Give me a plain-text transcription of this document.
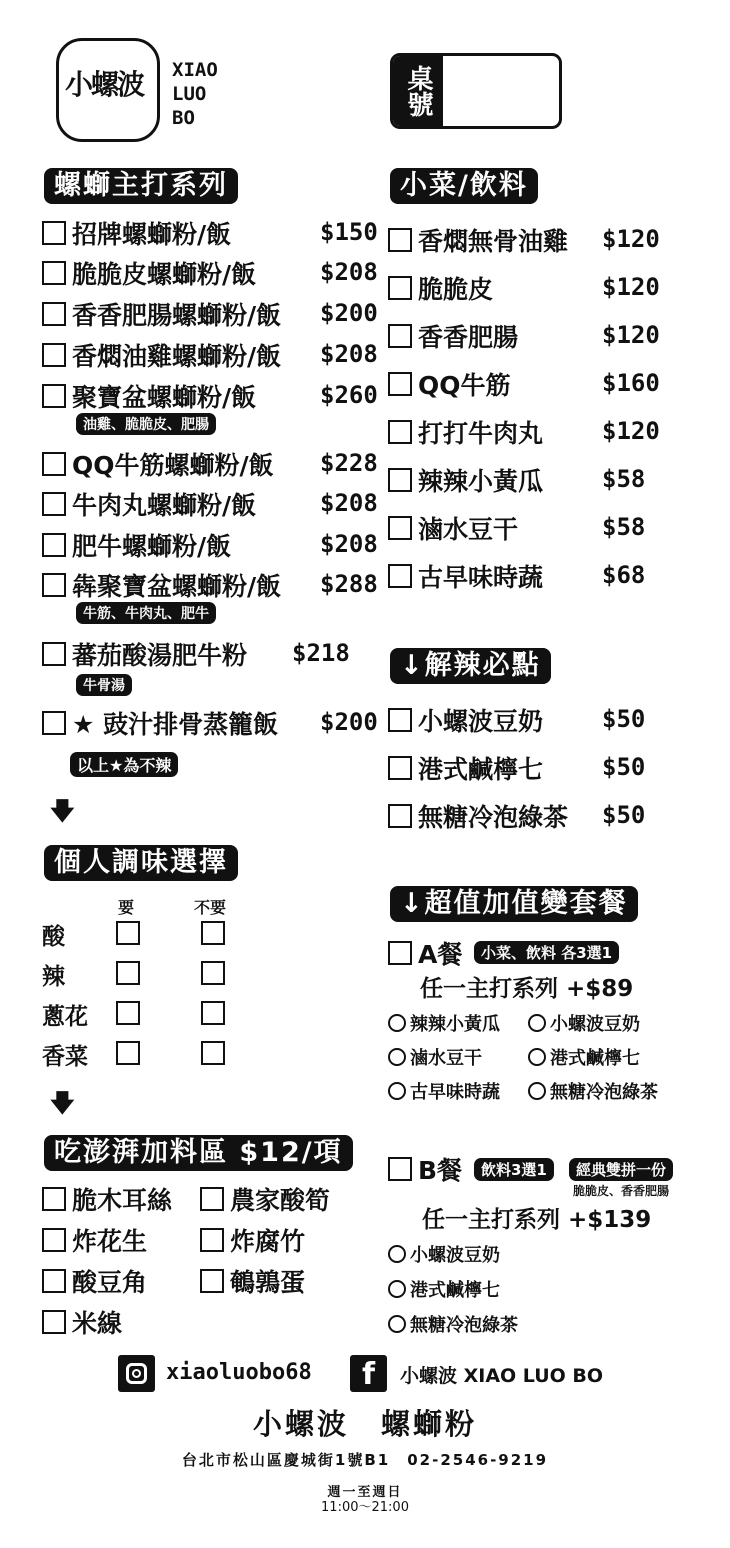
小螺波 XIAO
LUO
BO
桌號
螺螄主打系列	小菜/飲料
招牌螺螄粉/飯	$150
脆脆皮螺螄粉/飯	$208
香香肥腸螺螄粉/飯 $200
香燜油雞螺螄粉/飯 $208
聚寶盆螺螄粉/飯	$260
油雞、脆脆皮、肥腸
QQ牛筋螺螄粉/飯 $228
牛肉丸螺螄粉/飯	$208
肥牛螺螄粉/飯	$208
犇聚寶盆螺螄粉/飯 $288
牛筋、牛肉丸、肥牛
蕃茄酸湯肥牛粉 $218
牛骨湯
★ 豉汁排骨蒸籠飯 $200
以上★為不辣
🡇
香燜無骨油雞 $120
脆脆皮	$120
香香肥腸	$120
QQ牛筋	$160
打打牛肉丸 $120
辣辣小黃瓜 $58
滷水豆干	$58
古早味時蔬 $68
↓解辣必點
小螺波豆奶 $50
港式鹹檸七 $50
無糖冷泡綠茶 $50
個人調味選擇
要	不要
酸
辣
蔥花
香菜
🡇
吃澎湃加料區 $12/項
脆木耳絲 農家酸筍
炸花生	炸腐竹
酸豆角	鵪鶉蛋
米線
↓超值加值變套餐
A餐	小菜、飲料 各3選1
任一主打系列 +$89
辣辣小黃瓜	小螺波豆奶
滷水豆干	港式鹹檸七
古早味時蔬	無糖冷泡綠茶
B餐	飲料3選1	經典雙拼一份
脆脆皮、香香肥腸
任一主打系列 +$139
小螺波豆奶
港式鹹檸七
無糖冷泡綠茶
xiaoluobo68	f	小螺波 XIAO LUO BO
小螺波　螺螄粉
台北市松山區慶城街1號B1　02-2546-9219
週一至週日
11:00～21:00
